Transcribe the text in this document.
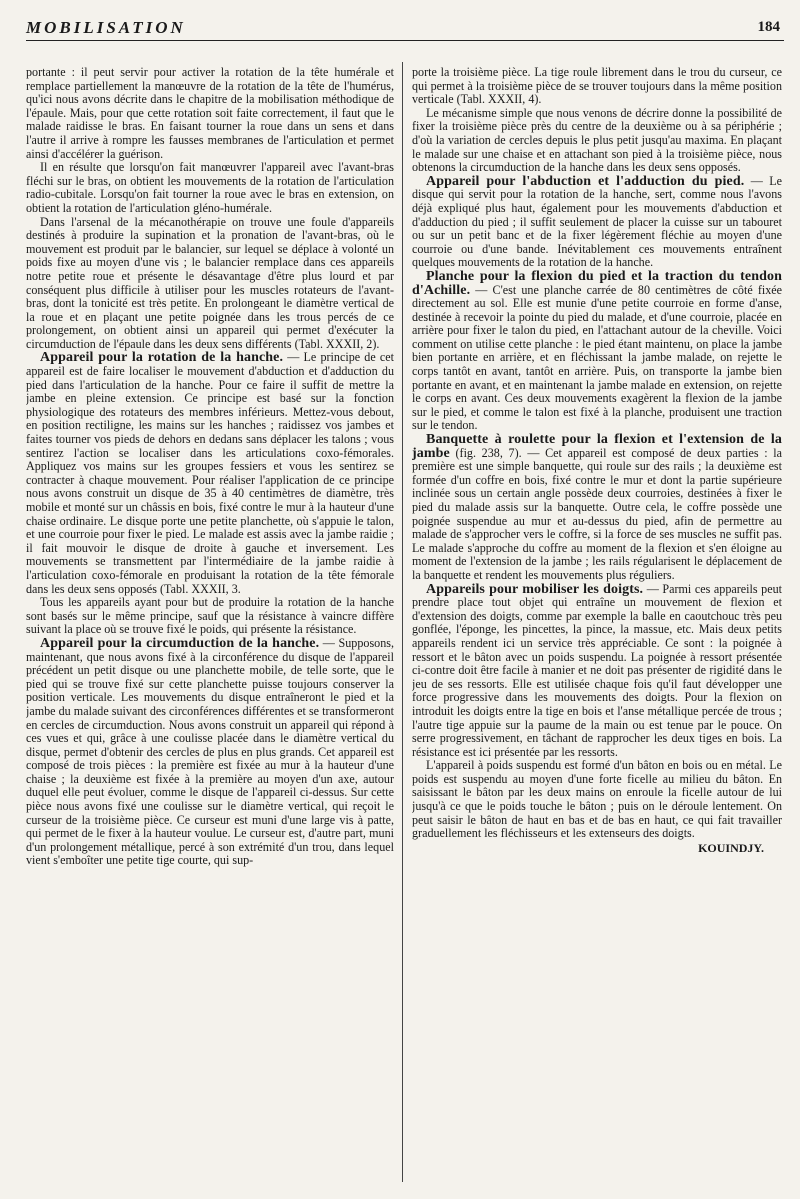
MOBILISATION	184

portante : il peut servir pour activer la rotation de la tête humérale et remplace partiellement la manœuvre de la rotation de la tête de l'humérus, qu'ici nous avons décrite dans le chapitre de la mobilisation méthodique de l'épaule. Mais, pour que cette rotation soit faite correctement, il faut que le malade raidisse le bras. En faisant tourner la roue dans un sens et dans l'autre il arrive à rompre les fausses membranes de l'articulation et permet ainsi d'accélérer la guérison.

Il en résulte que lorsqu'on fait manœuvrer l'appareil avec l'avant-bras fléchi sur le bras, on obtient les mouvements de la rotation de l'articulation radio-cubitale. Lorsqu'on fait tourner la roue avec le bras en extension, on obtient la rotation de l'articulation gléno-humérale.

Dans l'arsenal de la mécanothérapie on trouve une foule d'appareils destinés à produire la supination et la pronation de l'avant-bras, où le mouvement est produit par le balancier, sur lequel se déplace à volonté un poids fixe au moyen d'une vis ; le balancier remplace dans ces appareils notre petite roue et présente le désavantage d'être plus lourd et par conséquent plus difficile à utiliser pour les muscles rotateurs de l'avant-bras, dont la tonicité est très petite. En prolongeant le diamètre vertical de la roue et en plaçant une petite poignée dans les trous percés de ce prolongement, on obtient ainsi un appareil qui permet d'exécuter la circumduction de l'épaule dans les deux sens différents (Tabl. XXXII, 2).

Appareil pour la rotation de la hanche. — Le principe de cet appareil est de faire localiser le mouvement d'abduction et d'adduction du pied dans l'articulation de la hanche. Pour ce faire il suffit de mettre la jambe en pleine extension. Ce principe est basé sur la fonction physiologique des rotateurs des membres inférieurs. Mettez-vous debout, en position rectiligne, les mains sur les hanches ; raidissez vos jambes et faites tourner vos pieds de dehors en dedans sans déplacer les talons ; vous sentirez l'action se localiser dans les articulations coxo-fémorales. Appliquez vos mains sur les groupes fessiers et vous les sentirez se contracter à chaque mouvement. Pour réaliser l'application de ce principe nous avons construit un disque de 35 à 40 centimètres de diamètre, très mobile et monté sur un châssis en bois, fixé contre le mur à la hauteur d'une chaise ordinaire. Le disque porte une petite planchette, où s'appuie le talon, et une courroie pour fixer le pied. Le malade est assis avec la jambe raidie ; il fait mouvoir le disque de droite à gauche et inversement. Les mouvements se transmettent par l'intermédiaire de la jambe raidie à l'articulation coxo-fémorale en produisant la rotation de la tête fémorale dans les deux sens opposés (Tabl. XXXII, 3.

Tous les appareils ayant pour but de produire la rotation de la hanche sont basés sur le même principe, sauf que la résistance à vaincre diffère suivant la place où se trouve fixé le poids, qui présente la résistance.

Appareil pour la circumduction de la hanche. — Supposons, maintenant, que nous avons fixé à la circonférence du disque de l'appareil précédent un petit disque ou une planchette mobile, de telle sorte, que le pied qui se trouve fixé sur cette planchette puisse toujours conserver la position verticale. Les mouvements du disque entraîneront le pied et la jambe du malade suivant des circonférences différentes et se transformeront en cercles de circumduction. Nous avons construit un appareil qui répond à ces vues et qui, grâce à une coulisse placée dans le diamètre vertical du disque, permet d'obtenir des cercles de plus en plus grands. Cet appareil est composé de trois pièces : la première est fixée au mur à la hauteur d'une chaise ; la deuxième est fixée à la première au moyen d'un axe, autour duquel elle peut évoluer, comme le disque de l'appareil ci-dessus. Sur cette pièce nous avons fixé une coulisse sur le diamètre vertical, qui reçoit le curseur de la troisième pièce. Ce curseur est muni d'une large vis à patte, qui permet de le fixer à la hauteur voulue. Le curseur est, d'autre part, muni d'un prolongement métallique, percé à son extrémité d'un trou, dans lequel vient s'emboîter une petite tige courte, qui sup-

porte la troisième pièce. La tige roule librement dans le trou du curseur, ce qui permet à la troisième pièce de se trouver toujours dans la même position verticale (Tabl. XXXII, 4).

Le mécanisme simple que nous venons de décrire donne la possibilité de fixer la troisième pièce près du centre de la deuxième ou à sa périphérie ; d'où la variation de cercles depuis le plus petit jusqu'au maxima. En plaçant le malade sur une chaise et en attachant son pied à la troisième pièce, nous obtenons la circumduction de la hanche dans les deux sens opposés.

Appareil pour l'abduction et l'adduction du pied. — Le disque qui servit pour la rotation de la hanche, sert, comme nous l'avons déjà expliqué plus haut, également pour les mouvements d'abduction et d'adduction du pied ; il suffit seulement de placer la cuisse sur un tabouret ou sur un petit banc et de la fixer légèrement fléchie au moyen d'une courroie ou d'une bande. Inévitablement ces mouvements entraînent quelques mouvements de la rotation de la hanche.

Planche pour la flexion du pied et la traction du tendon d'Achille. — C'est une planche carrée de 80 centimètres de côté fixée directement au sol. Elle est munie d'une petite courroie en forme d'anse, destinée à recevoir la pointe du pied du malade, et d'une courroie, placée en arrière pour fixer le talon du pied, en l'attachant autour de la cheville. Voici comment on utilise cette planche : le pied étant maintenu, on place la jambe bien portante en arrière, et en fléchissant la jambe malade, on rejette le corps tantôt en avant, tantôt en arrière. Puis, on transporte la jambe bien portante en avant, et en maintenant la jambe malade en extension, on rejette le corps en avant. Ces deux mouvements exagèrent la flexion de la jambe sur le pied, et comme le talon est fixé à la planche, produisent une traction sur le tendon.

Banquette à roulette pour la flexion et l'extension de la jambe (fig. 238, 7). — Cet appareil est composé de deux parties : la première est une simple banquette, qui roule sur des rails ; la deuxième est formée d'un coffre en bois, fixé contre le mur et dont la partie supérieure inclinée sous un certain angle possède deux courroies, destinées à fixer le pied du malade assis sur la banquette. Outre cela, le coffre possède une poignée suspendue au mur et au-dessus du pied, afin de permettre au malade de s'approcher vers le coffre, si la force de ses muscles ne suffit pas. Le malade s'approche du coffre au moment de la flexion et s'en éloigne au moment de l'extension de la jambe ; les rails régularisent le déplacement de la banquette et rendent les mouvements plus réguliers.

Appareils pour mobiliser les doigts. — Parmi ces appareils peut prendre place tout objet qui entraîne un mouvement de flexion et d'extension des doigts, comme par exemple la balle en caoutchouc très peu gonflée, l'éponge, les pincettes, la pince, la massue, etc. Mais deux petits appareils rendent ici un service très appréciable. Ce sont : la poignée à ressort et le bâton avec un poids suspendu. La poignée à ressort présentée ci-contre doit être facile à manier et ne doit pas présenter de rigidité dans le jeu de ses ressorts. Elle est utilisée chaque fois qu'il faut développer une force progressive dans les mouvements des doigts. Pour la flexion on introduit les doigts entre la tige en bois et l'anse métallique percée de trous ; l'autre tige appuie sur la paume de la main ou est tenue par le pouce. On serre progressivement, en tâchant de rapprocher les deux tiges en bois. La résistance est ici présentée par les ressorts.

L'appareil à poids suspendu est formé d'un bâton en bois ou en métal. Le poids est suspendu au moyen d'une forte ficelle au milieu du bâton. En saisissant le bâton par les deux mains on enroule la ficelle autour de lui jusqu'à ce que le poids touche le bâton ; puis on le déroule lentement. On peut saisir le bâton de haut en bas et de bas en haut, ce qui fait travailler graduellement les fléchisseurs et les extenseurs des doigts.

KOUINDJY.
